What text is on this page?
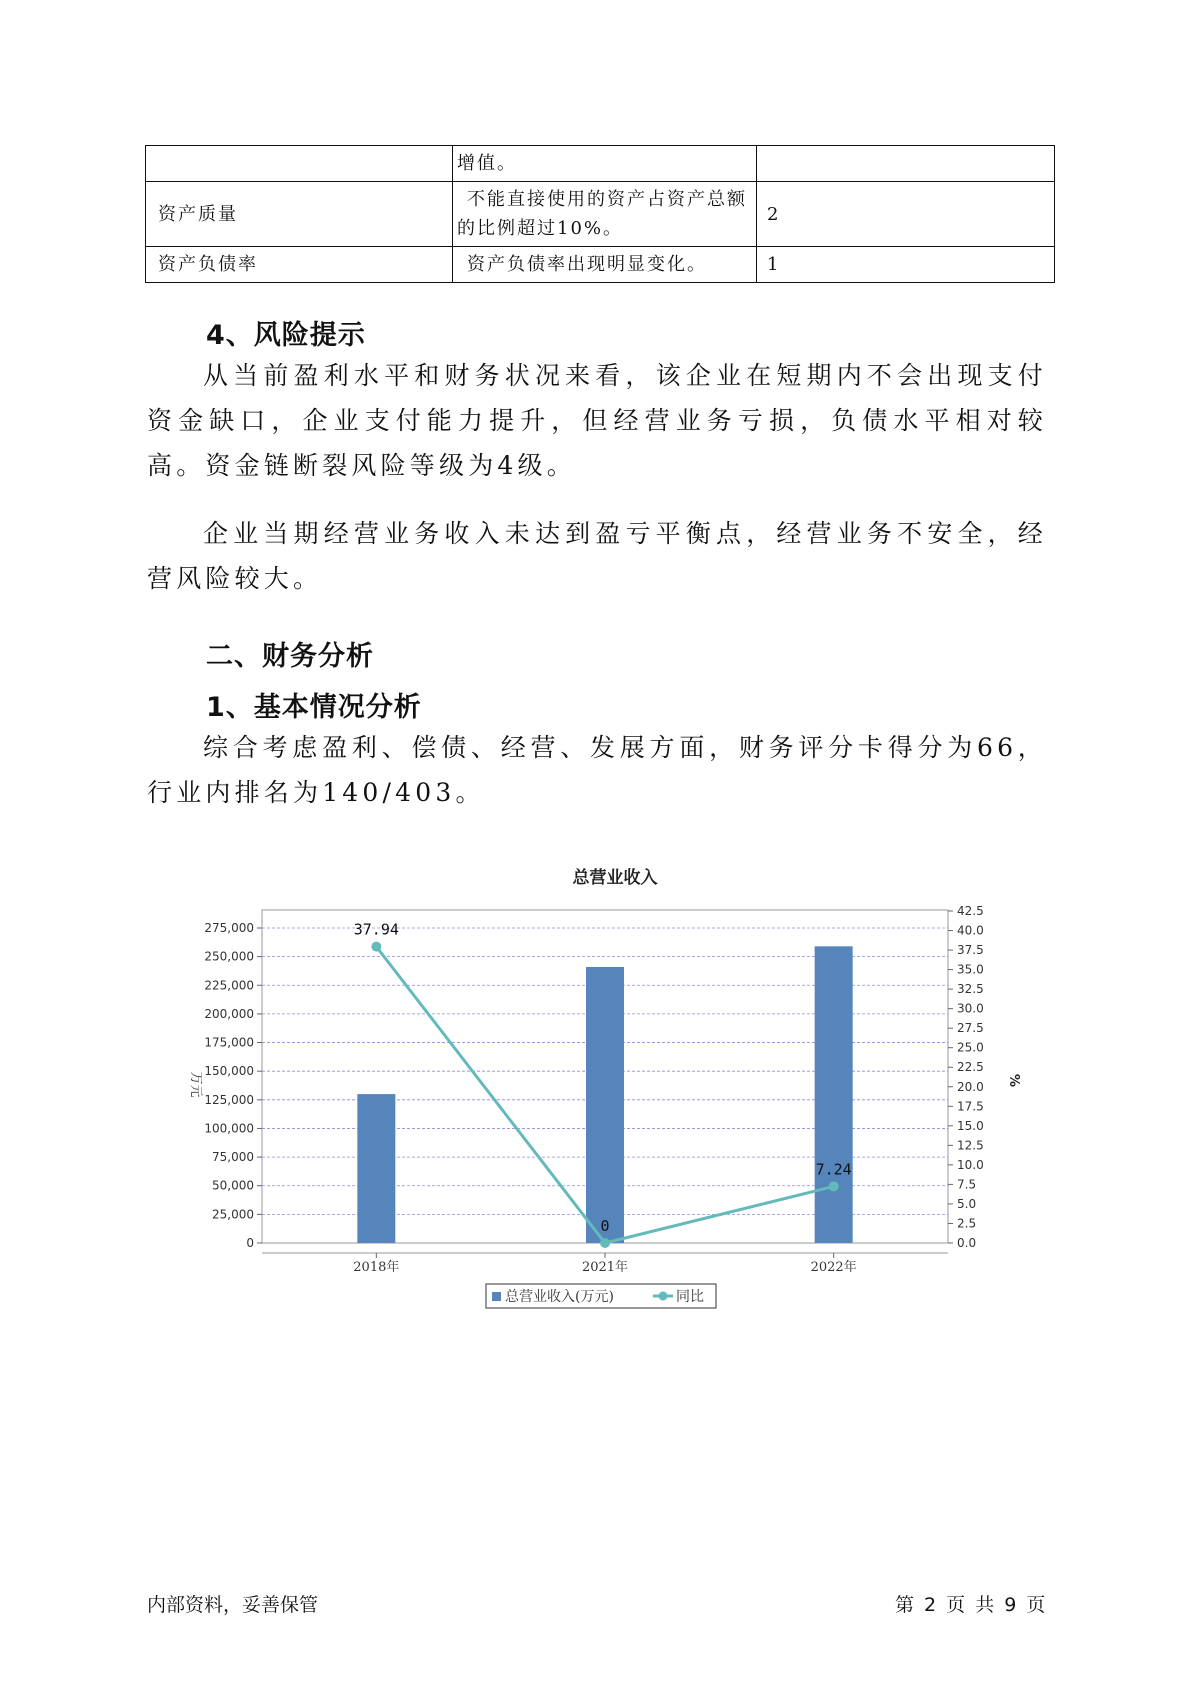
	增值。	
资产质量	不能直接使用的资产占资产总额的比例超过10%。	2
资产负债率	资产负债率出现明显变化。	1
4、风险提示

从当前盈利水平和财务状况来看，该企业在短期内不会出现支付资金缺口，企业支付能力提升，但经营业务亏损，负债水平相对较高。资金链断裂风险等级为4级。

企业当期经营业务收入未达到盈亏平衡点，经营业务不安全，经营风险较大。

二、财务分析
1、基本情况分析

综合考虑盈利、偿债、经营、发展方面，财务评分卡得分为66，行业内排名为140/403。

总营业收入
0
25,000
50,000
75,000
100,000
125,000
150,000
175,000
200,000
225,000
250,000
275,000
0.0
2.5
5.0
7.5
10.0
12.5
15.0
17.5
20.0
22.5
25.0
27.5
30.0
32.5
35.0
37.5
40.0
42.5
万元	%
2018年	2021年	2022年
37.94
0
7.24
总营业收入(万元)	同比
内部资料，妥善保管	第 2 页 共 9 页
